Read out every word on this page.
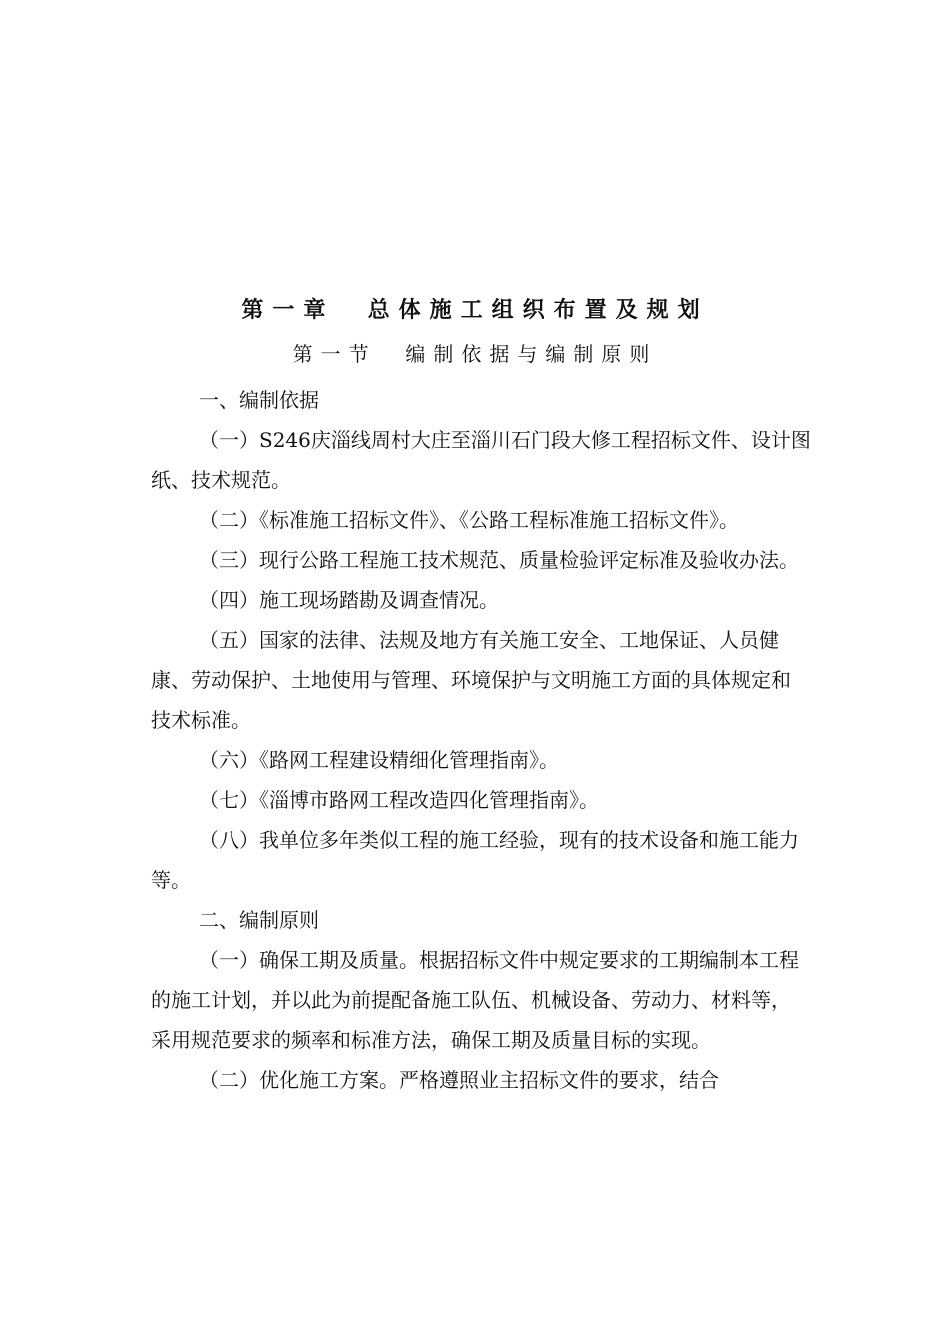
第一章  总体施工组织布置及规划
第一节  编制依据与编制原则

一、编制依据

（一）S246庆淄线周村大庄至淄川石门段大修工程招标文件、设计图纸、技术规范。

（二）《标准施工招标文件》、《公路工程标准施工招标文件》。

（三）现行公路工程施工技术规范、质量检验评定标准及验收办法。

（四）施工现场踏勘及调查情况。

（五）国家的法律、法规及地方有关施工安全、工地保证、人员健康、劳动保护、土地使用与管理、环境保护与文明施工方面的具体规定和技术标准。

（六）《路网工程建设精细化管理指南》。

（七）《淄博市路网工程改造四化管理指南》。

（八）我单位多年类似工程的施工经验，现有的技术设备和施工能力等。

二、编制原则

（一）确保工期及质量。根据招标文件中规定要求的工期编制本工程的施工计划，并以此为前提配备施工队伍、机械设备、劳动力、材料等，采用规范要求的频率和标准方法，确保工期及质量目标的实现。

（二）优化施工方案。严格遵照业主招标文件的要求，结合
